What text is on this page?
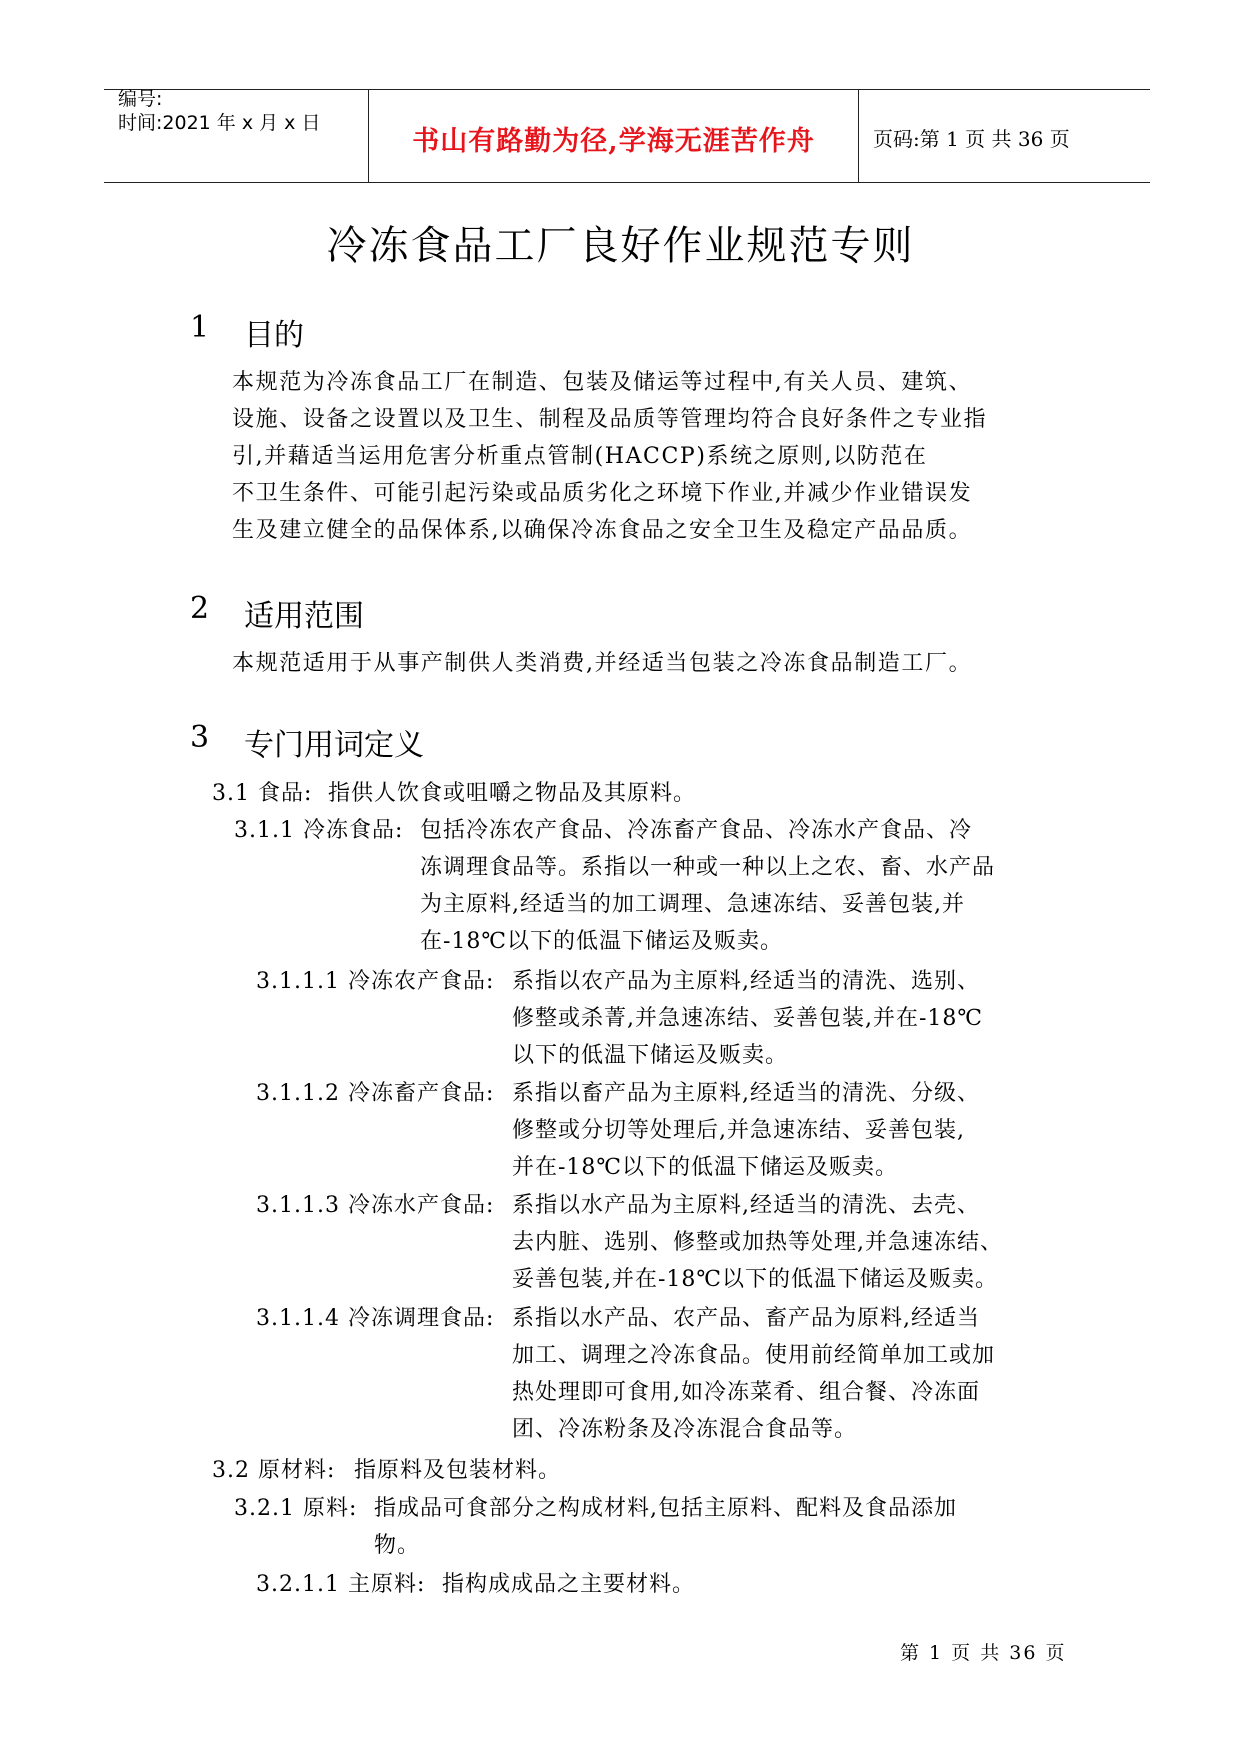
编号:
时间:2021 年 x 月 x 日
书山有路勤为径,学海无涯苦作舟	页码:第 1 页 共 36 页
冷冻食品工厂良好作业规范专则
1 目的
本规范为冷冻食品工厂在制造、包装及储运等过程中,有关人员、建筑、
设施、设备之设置以及卫生、制程及品质等管理均符合良好条件之专业指
引,并藉适当运用危害分析重点管制(HACCP)系统之原则,以防范在
不卫生条件、可能引起污染或品质劣化之环境下作业,并减少作业错误发
生及建立健全的品保体系,以确保冷冻食品之安全卫生及稳定产品品质。
2 适用范围
本规范适用于从事产制供人类消费,并经适当包装之冷冻食品制造工厂。
3 专门用词定义
3.1 食品: 指供人饮食或咀嚼之物品及其原料。
3.1.1 冷冻食品: 包括冷冻农产食品、冷冻畜产食品、冷冻水产食品、冷
冻调理食品等。系指以一种或一种以上之农、畜、水产品
为主原料,经适当的加工调理、急速冻结、妥善包装,并
在-18℃以下的低温下储运及贩卖。
3.1.1.1 冷冻农产食品: 系指以农产品为主原料,经适当的清洗、选别、
修整或杀菁,并急速冻结、妥善包装,并在-18℃
以下的低温下储运及贩卖。
3.1.1.2 冷冻畜产食品: 系指以畜产品为主原料,经适当的清洗、分级、
修整或分切等处理后,并急速冻结、妥善包装,
并在-18℃以下的低温下储运及贩卖。
3.1.1.3 冷冻水产食品: 系指以水产品为主原料,经适当的清洗、去壳、
去内脏、选别、修整或加热等处理,并急速冻结、
妥善包装,并在-18℃以下的低温下储运及贩卖。
3.1.1.4 冷冻调理食品: 系指以水产品、农产品、畜产品为原料,经适当
加工、调理之冷冻食品。使用前经简单加工或加
热处理即可食用,如冷冻菜肴、组合餐、冷冻面
团、冷冻粉条及冷冻混合食品等。
3.2 原材料: 指原料及包装材料。
3.2.1 原料: 指成品可食部分之构成材料,包括主原料、配料及食品添加
物。
3.2.1.1 主原料: 指构成成品之主要材料。
第 1 页 共 36 页
